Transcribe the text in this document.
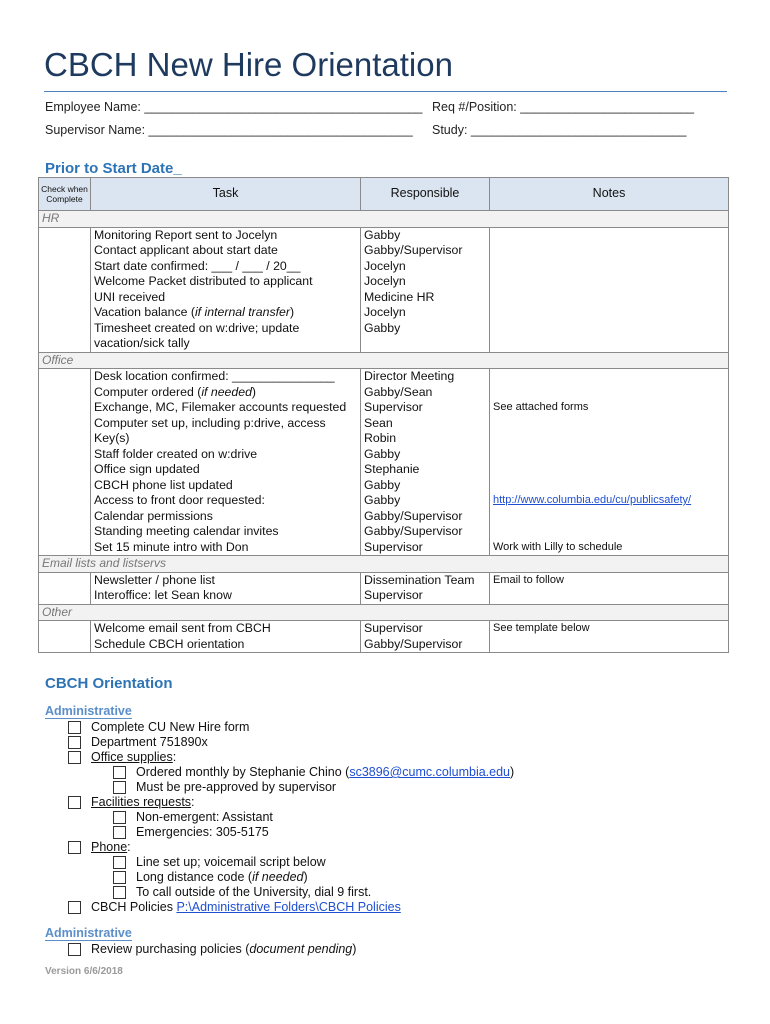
CBCH New Hire Orientation
Employee Name: ________________________________________ Req #/Position: _________________________
Supervisor Name: ______________________________________ Study: _______________________________
Prior to Start Date_
Check when Complete	Task	Responsible	Notes
HR			
	Monitoring Report sent to Jocelyn	Gabby	
	Contact applicant about start date	Gabby/Supervisor	
	Start date confirmed: ___ / ___ / 20__	Jocelyn	
	Welcome Packet distributed to applicant	Jocelyn	
	UNI received	Medicine HR	
	Vacation balance (if internal transfer)	Jocelyn	
	Timesheet created on w:drive; update vacation/sick tally	Gabby	
Office			
	Desk location confirmed: _______________	Director Meeting	
	Computer ordered (if needed)	Gabby/Sean	
	Exchange, MC, Filemaker accounts requested	Supervisor	See attached forms
	Computer set up, including p:drive, access	Sean	
	Key(s)	Robin	
	Staff folder created on w:drive	Gabby	
	Office sign updated	Stephanie	
	CBCH phone list updated	Gabby	
	Access to front door requested:	Gabby	http://www.columbia.edu/cu/publicsafety/
	Calendar permissions	Gabby/Supervisor	
	Standing meeting calendar invites	Gabby/Supervisor	
	Set 15 minute intro with Don	Supervisor	Work with Lilly to schedule
Email lists and listservs			
	Newsletter / phone list	Dissemination Team	Email to follow
	Interoffice: let Sean know	Supervisor	
Other			
	Welcome email sent from CBCH	Supervisor	See template below
	Schedule CBCH orientation	Gabby/Supervisor	
CBCH Orientation
Administrative
Complete CU New Hire form
Department 751890x
Office supplies :
Ordered monthly by Stephanie Chino ( sc3896@cumc.columbia.edu )
Must be pre-approved by supervisor
Facilities requests :
Non-emergent: Assistant
Emergencies: 305-5175
Phone :
Line set up; voicemail script below
Long distance code ( if needed )
To call outside of the University, dial 9 first.
CBCH Policies
P:\Administrative Folders\CBCH Policies
Administrative
Review purchasing policies ( document pending )
Version 6/6/2018
